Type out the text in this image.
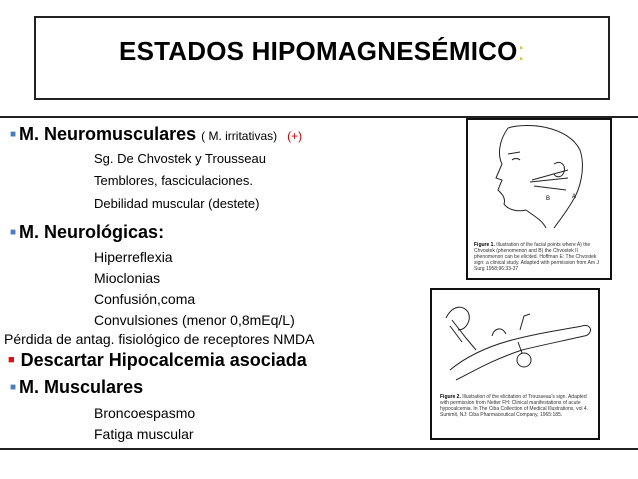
ESTADOS HIPOMAGNESÉMICO:
■ M. Neuromusculares ( M. irritativas) (+)
Sg. De Chvostek y Trousseau
Temblores, fasciculaciones.
Debilidad muscular (destete)
■ M. Neurológicas:
Hiperreflexia
Mioclonias
Confusión,coma
Convulsiones (menor 0,8mEq/L)
Pérdida de antag. fisiológico de receptores NMDA
■ Descartar Hipocalcemia asociada
■ M. Musculares
Broncoespasmo
Fatiga muscular
B	A
Figure 1. Illustration of the facial points where A) the Chvostek (phenomenon and B) the Chvostek II phenomenon can be elicited. Hoffman E: The Chvostek sign: a clinical study. Adapted with permission from Am J Surg 1958;96:33-37
Figure 2. Illustration of the elicitation of Trousseau's sign. Adapted with permission from Netter FH: Clinical manifestations of acute hypocalcemia. In The Ciba Collection of Medical Illustrations, vol 4. Summit, NJ: Ciba Pharmaceutical Company, 1965:185.
